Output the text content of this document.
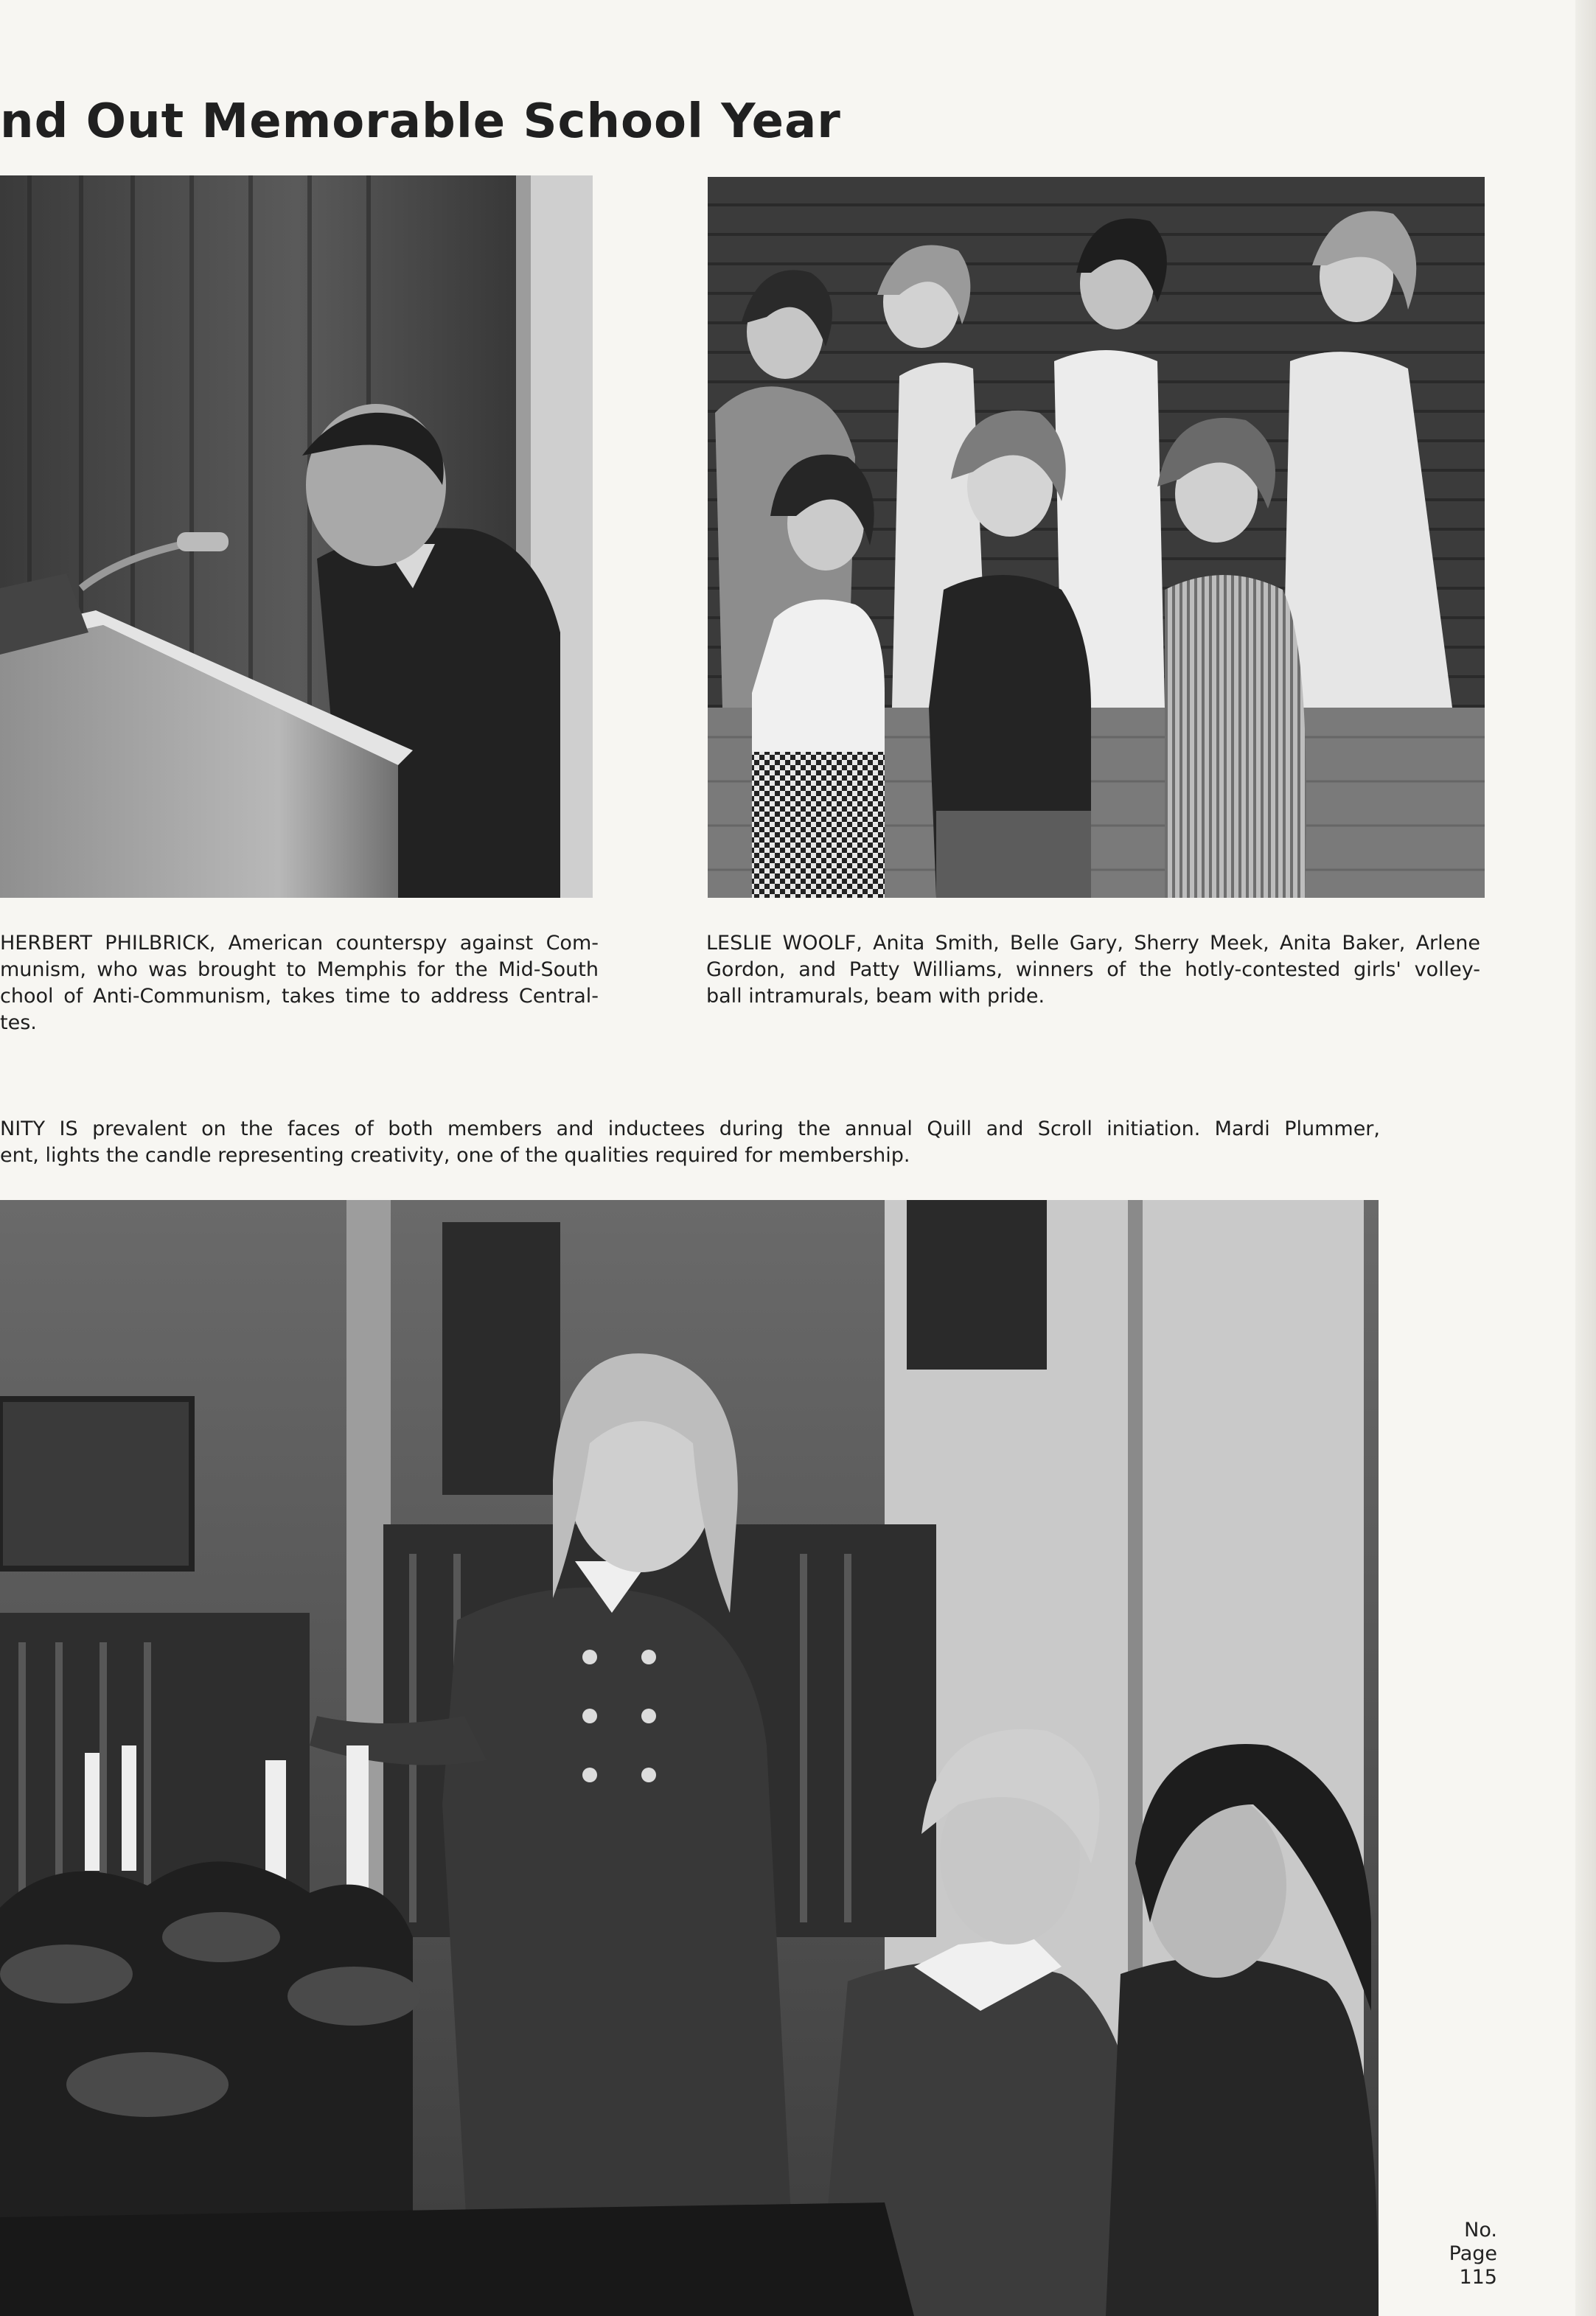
nd Out Memorable School Year
HERBERT PHILBRICK, American counterspy against Com-
munism, who was brought to Memphis for the Mid-South
chool of Anti-Communism, takes time to address Central-
tes.
LESLIE WOOLF, Anita Smith, Belle Gary, Sherry Meek, Anita Baker, Arlene
Gordon, and Patty Williams, winners of the hotly-contested girls' volley-
ball intramurals, beam with pride.
NITY IS prevalent on the faces of both members and inductees during the annual Quill and Scroll initiation. Mardi Plummer,
ent, lights the candle representing creativity, one of the qualities required for membership.
No.
Page
115
